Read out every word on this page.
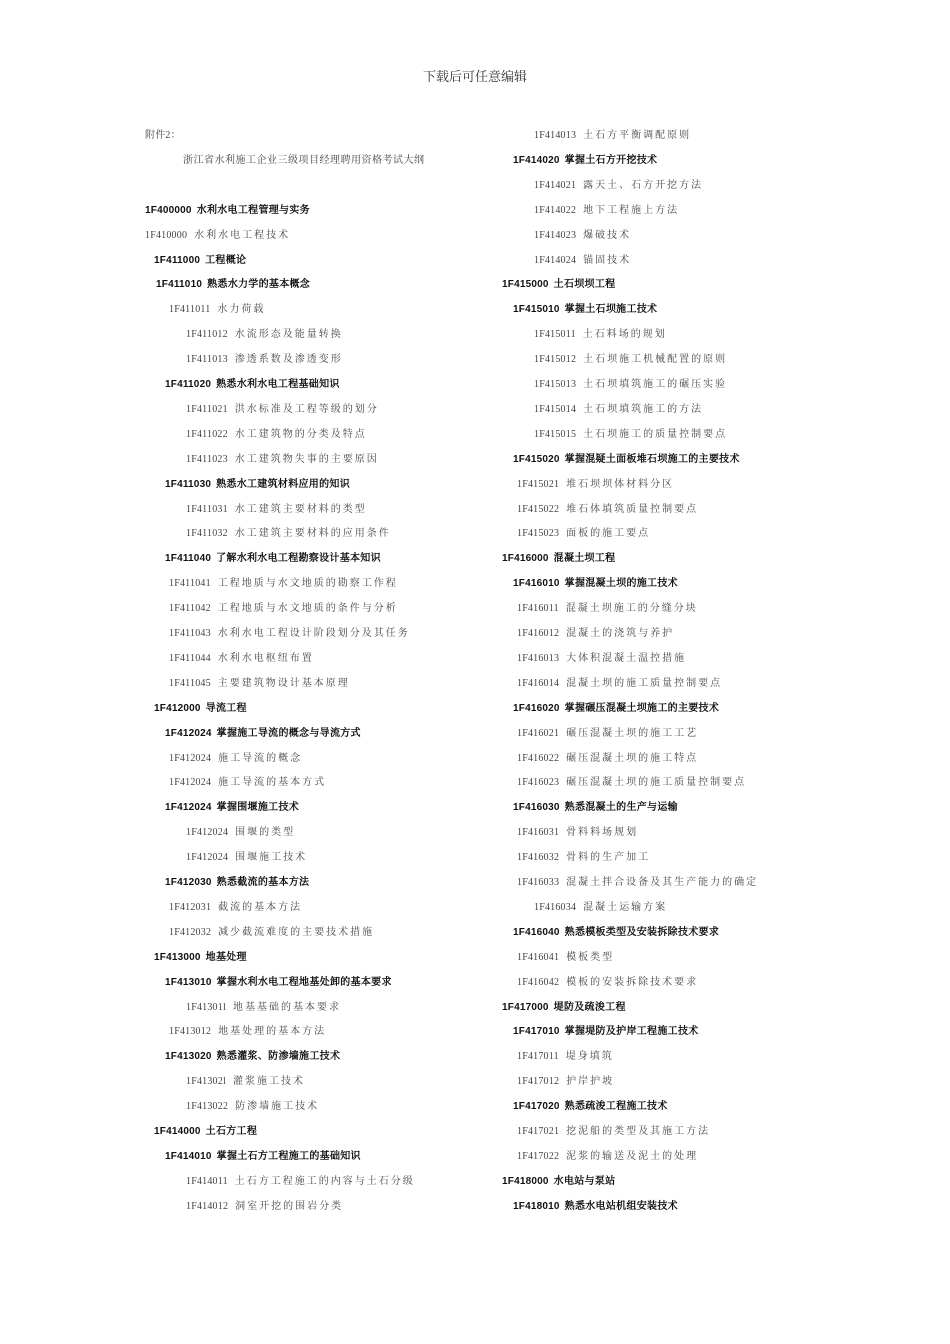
下载后可任意编辑
附件2：
浙江省水利施工企业三级项目经理聘用资格考试大纲
1F400000 水利水电工程管理与实务
1F410000 水利水电工程技术
1F411000 工程概论
1F411010 熟悉水力学的基本概念
1F411011 水力荷载
1F411012 水流形态及能量转换
1F411013 渗透系数及渗透变形
1F411020 熟悉水利水电工程基础知识
1F411021 洪水标准及工程等级的划分
1F411022 水工建筑物的分类及特点
1F411023 水工建筑物失事的主要原因
1F411030 熟悉水工建筑材料应用的知识
1F411031 水工建筑主要材料的类型
1F411032 水工建筑主要材料的应用条件
1F411040 了解水利水电工程勘察设计基本知识
1F411041 工程地质与水文地质的勘察工作程
1F411042 工程地质与水文地质的条件与分析
1F411043 水利水电工程设计阶段划分及其任务
1F411044 水利水电枢纽布置
1F411045 主要建筑物设计基本原理
1F412000 导流工程
1F412024 掌握施工导流的概念与导流方式
1F412024 施工导流的概念
1F412024 施工导流的基本方式
1F412024 掌握围堰施工技术
1F412024 围堰的类型
1F412024 围堰施工技术
1F412030 熟悉截流的基本方法
1F412031 截流的基本方法
1F412032 减少截流难度的主要技术措施
1F413000 地基处理
1F413010 掌握水利水电工程地基处卸的基本要求
1F41301l 地基基础的基本要求
1F413012 地基处理的基本方法
1F413020 熟悉灌浆、防渗墙施工技术
1F41302l 灌浆施工技术
1F413022 防渗墙施工技术
1F414000 土石方工程
1F414010 掌握土石方工程施工的基础知识
1F414011 土石方工程施工的内容与土石分级
1F414012 洞室开挖的围岩分类
1F414013 土石方平衡调配原则
1F414020 掌握土石方开挖技术
1F414021 露天土、石方开挖方法
1F414022 地下工程施上方法
1F414023 爆破技术
1F414024 锚固技术
1F415000 土石坝坝工程
1F415010 掌握土石坝施工技术
1F415011 土石料场的规划
1F415012 土石坝施工机械配置的原则
1F415013 土石坝填筑施工的碾压实验
1F415014 土石坝填筑施工的方法
1F415015 土石坝施工的质量控制要点
1F415020 掌握混疑土面板堆石坝施工的主要技术
1F415021 堆石坝坝体材料分区
1F415022 堆石体填筑质量控制要点
1F415023 面板的施工要点
1F416000 混凝土坝工程
1F416010 掌握混凝土坝的施工技术
1F416011 混凝土坝施工的分缝分块
1F416012 混凝土的浇筑与养护
1F416013 大体积混凝土温控措施
1F416014 混凝土坝的施工质量控制要点
1F416020 掌握碾压混凝土坝施工的主要技术
1F416021 碾压混凝土坝的施工工艺
1F416022 碾压混凝土坝的施工特点
1F416023 碾压混凝土坝的施工质量控制要点
1F416030 熟悉混凝土的生产与运输
1F416031 骨料料场规划
1F416032 骨料的生产加工
1F416033 混凝土拌合设备及其生产能力的确定
1F416034 混凝土运输方案
1F416040 熟悉模板类型及安装拆除技术要求
1F416041 模板类型
1F416042 模板的安装拆除技术要求
1F417000 堤防及疏浚工程
1F417010 掌握堤防及护岸工程施工技术
1F417011 堤身填筑
1F417012 护岸护坡
1F417020 熟悉疏浚工程施工技术
1F417021 挖泥船的类型及其施工方法
1F417022 泥浆的输送及泥土的处理
1F418000 水电站与泵站
1F418010 熟悉水电站机组安装技术
